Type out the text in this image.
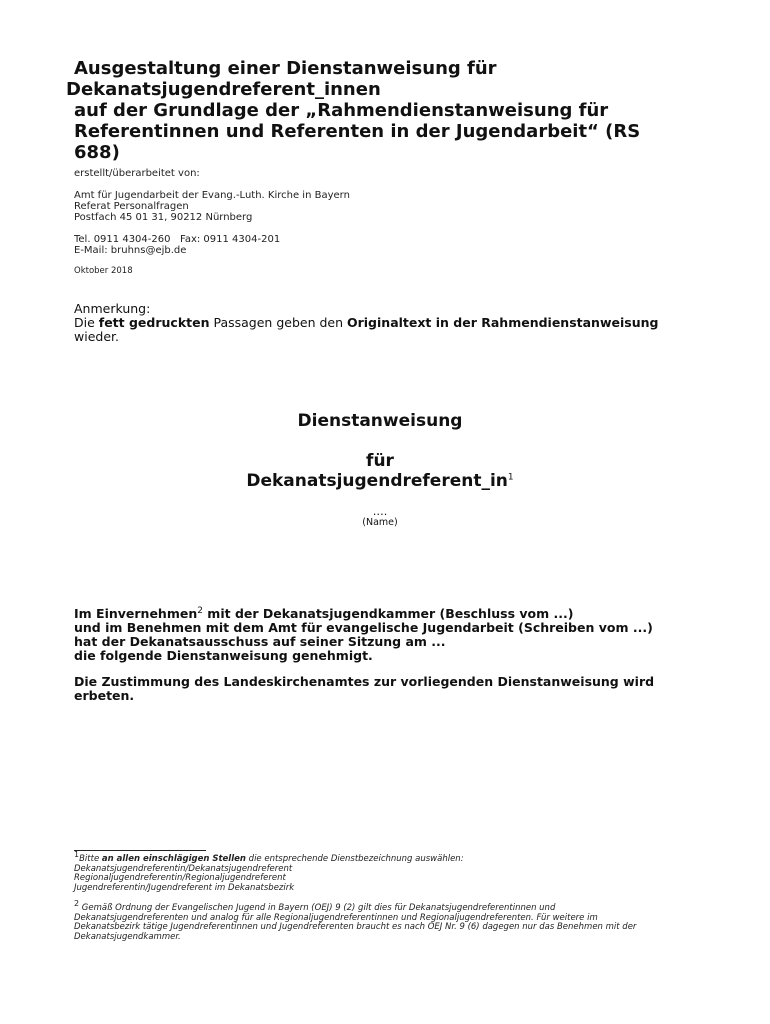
Ausgestaltung einer Dienstanweisung für
Dekanatsjugendreferent_innen
auf der Grundlage der „Rahmendienstanweisung für
Referentinnen und Referenten in der Jugendarbeit“ (RS
688)
erstellt/überarbeitet von:
Amt für Jugendarbeit der Evang.-Luth. Kirche in Bayern
Referat Personalfragen
Postfach 45 01 31, 90212 Nürnberg
Tel. 0911 4304-260   Fax: 0911 4304-201
E-Mail: bruhns@ejb.de
Oktober 2018
Anmerkung:
Die fett gedruckten Passagen geben den Originaltext in der Rahmendienstanweisung
wieder.
Dienstanweisung
für
$Dekanatsjugendreferent\_in^1$
….
(Name)
Im Einvernehmen$^2$ mit der Dekanatsjugendkammer (Beschluss vom ...)
und im Benehmen mit dem Amt für evangelische Jugendarbeit (Schreiben vom ...)
hat der Dekanatsausschuss auf seiner Sitzung am ...
die folgende Dienstanweisung genehmigt.
Die Zustimmung des Landeskirchenamtes zur vorliegenden Dienstanweisung wird
erbeten.
1Bitte an allen einschlägigen Stellen die entsprechende Dienstbezeichnung auswählen:
Dekanatsjugendreferentin/Dekanatsjugendreferent
Regionaljugendreferentin/Regionaljugendreferent
Jugendreferentin/Jugendreferent im Dekanatsbezirk
2 Gemäß Ordnung der Evangelischen Jugend in Bayern (OEJ) 9 (2) gilt dies für Dekanatsjugendreferentinnen und
Dekanatsjugendreferenten und analog für alle Regionaljugendreferentinnen und Regionaljugendreferenten. Für weitere im
Dekanatsbezirk tätige Jugendreferentinnen und Jugendreferenten braucht es nach OEJ Nr. 9 (6) dagegen nur das Benehmen mit der
Dekanatsjugendkammer.
